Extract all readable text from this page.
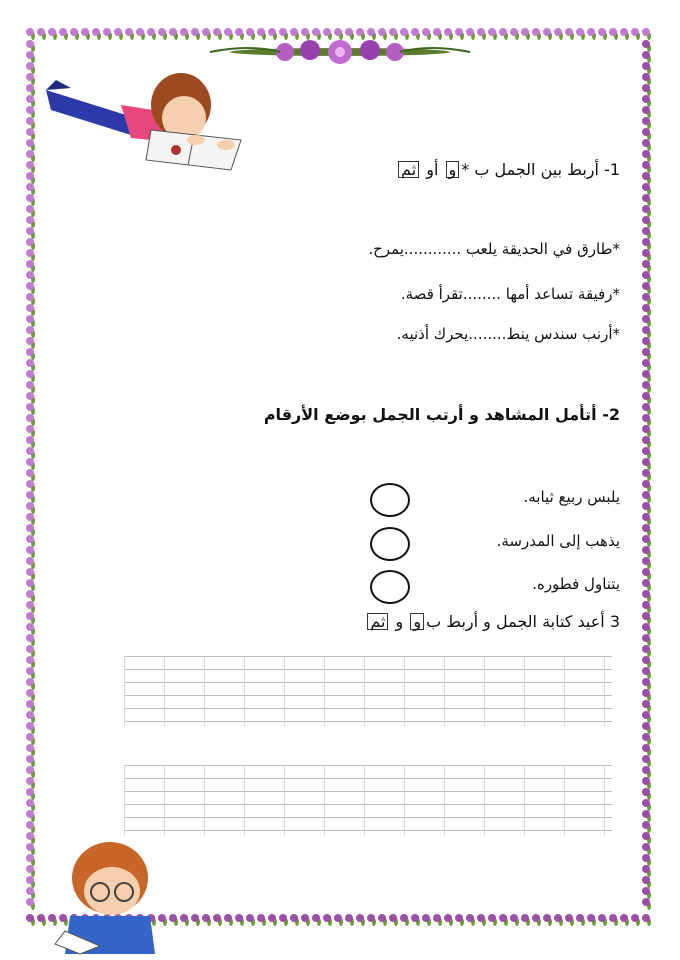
1- أربط بين الجمل ب *و أو ثم
*طارق في الحديقة يلعب ............يمرح.
*رفيقة تساعد أمها ........تقرأ قصة.
*أرنب سندس ينط........يحرك أذنيه.
2- أتأمل المشاهد و أرتب الجمل بوضع الأرقام
يلبس ربيع ثيابه.
يذهب إلى المدرسة.
يتناول فطوره.
3 أعيد كتابة الجمل و أربط بو و ثم
